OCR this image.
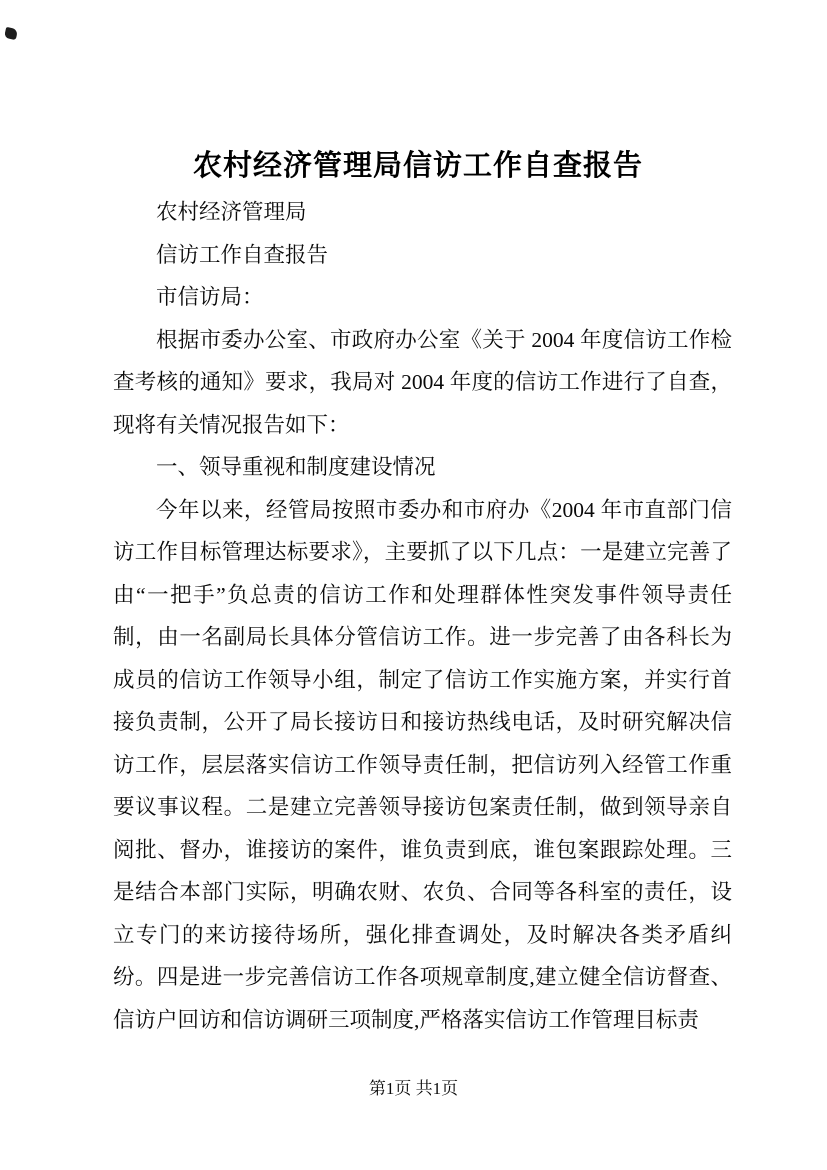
农村经济管理局信访工作自查报告

农村经济管理局

信访工作自查报告

市信访局：

根据市委办公室、市政府办公室《关于 2004 年度信访工作检查考核的通知》要求，我局对 2004 年度的信访工作进行了自查，现将有关情况报告如下：

一、领导重视和制度建设情况

今年以来，经管局按照市委办和市府办《2004 年市直部门信访工作目标管理达标要求》，主要抓了以下几点：一是建立完善了由“一把手”负总责的信访工作和处理群体性突发事件领导责任制，由一名副局长具体分管信访工作。进一步完善了由各科长为成员的信访工作领导小组，制定了信访工作实施方案，并实行首接负责制，公开了局长接访日和接访热线电话，及时研究解决信访工作，层层落实信访工作领导责任制，把信访列入经管工作重要议事议程。二是建立完善领导接访包案责任制，做到领导亲自阅批、督办，谁接访的案件，谁负责到底，谁包案跟踪处理。三是结合本部门实际，明确农财、农负、合同等各科室的责任，设立专门的来访接待场所，强化排查调处，及时解决各类矛盾纠纷。四是进一步完善信访工作各项规章制度,建立健全信访督查、信访户回访和信访调研三项制度,严格落实信访工作管理目标责

第1页 共1页
